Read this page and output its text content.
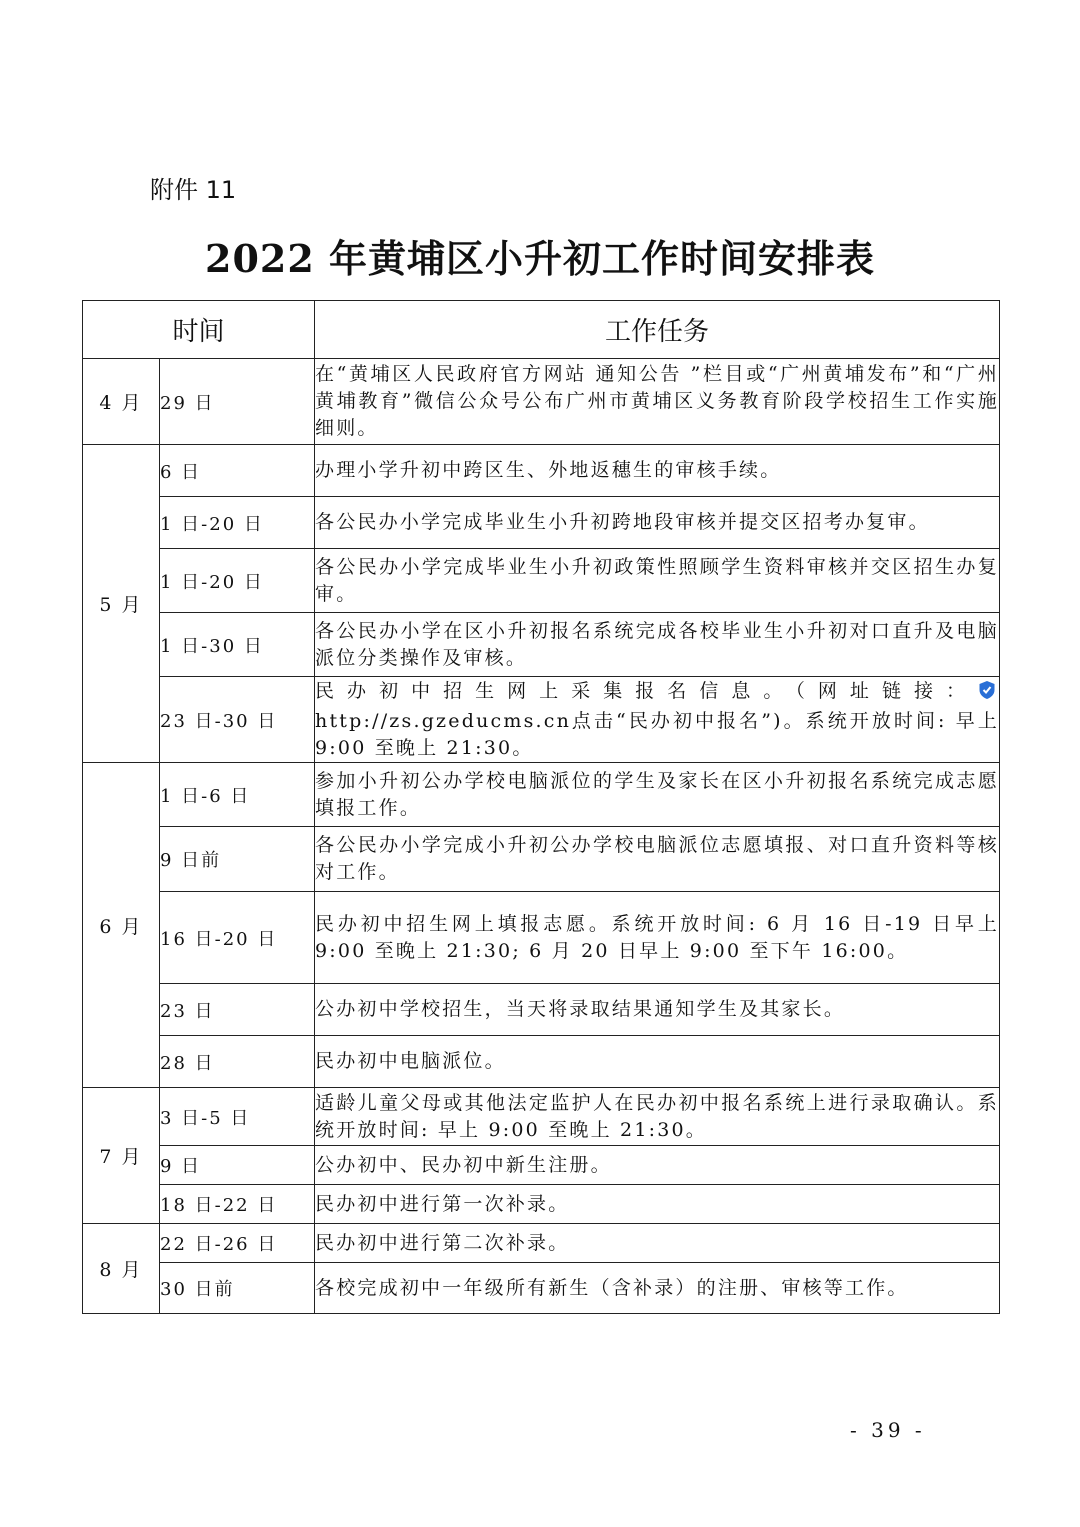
附件 11
2022 年黄埔区小升初工作时间安排表
时间		工作任务
4 月	29 日	在“黄埔区人民政府官方网站 通知公告 ”栏目或“广州黄埔发布”和“广州黄埔教育”微信公众号公布广州市黄埔区义务教育阶段学校招生工作实施细则。
5 月	6 日	办理小学升初中跨区生、外地返穗生的审核手续。
	1 日-20 日	各公民办小学完成毕业生小升初跨地段审核并提交区招考办复审。
	1 日-20 日	各公民办小学完成毕业生小升初政策性照顾学生资料审核并交区招生办复审。
	1 日-30 日	各公民办小学在区小升初报名系统完成各校毕业生小升初对口直升及电脑派位分类操作及审核。
	23 日-30 日	民办初中招生网上采集报名信息。（网址链接：http://zs.gzeducms.cn点击“民办初中报名”)。系统开放时间: 早上 9:00 至晚上 21:30。
6 月	1 日-6 日	参加小升初公办学校电脑派位的学生及家长在区小升初报名系统完成志愿填报工作。
	9 日前	各公民办小学完成小升初公办学校电脑派位志愿填报、对口直升资料等核对工作。
	16 日-20 日	民办初中招生网上填报志愿。系统开放时间: 6 月 16 日-19 日早上 9:00 至晚上 21:30; 6 月 20 日早上 9:00 至下午 16:00。
	23 日	公办初中学校招生，当天将录取结果通知学生及其家长。
	28 日	民办初中电脑派位。
7 月	3 日-5 日	适龄儿童父母或其他法定监护人在民办初中报名系统上进行录取确认。系统开放时间: 早上 9:00 至晚上 21:30。
	9 日	公办初中、民办初中新生注册。
	18 日-22 日	民办初中进行第一次补录。
8 月	22 日-26 日	民办初中进行第二次补录。
	30 日前	各校完成初中一年级所有新生（含补录）的注册、审核等工作。
- 39 -
